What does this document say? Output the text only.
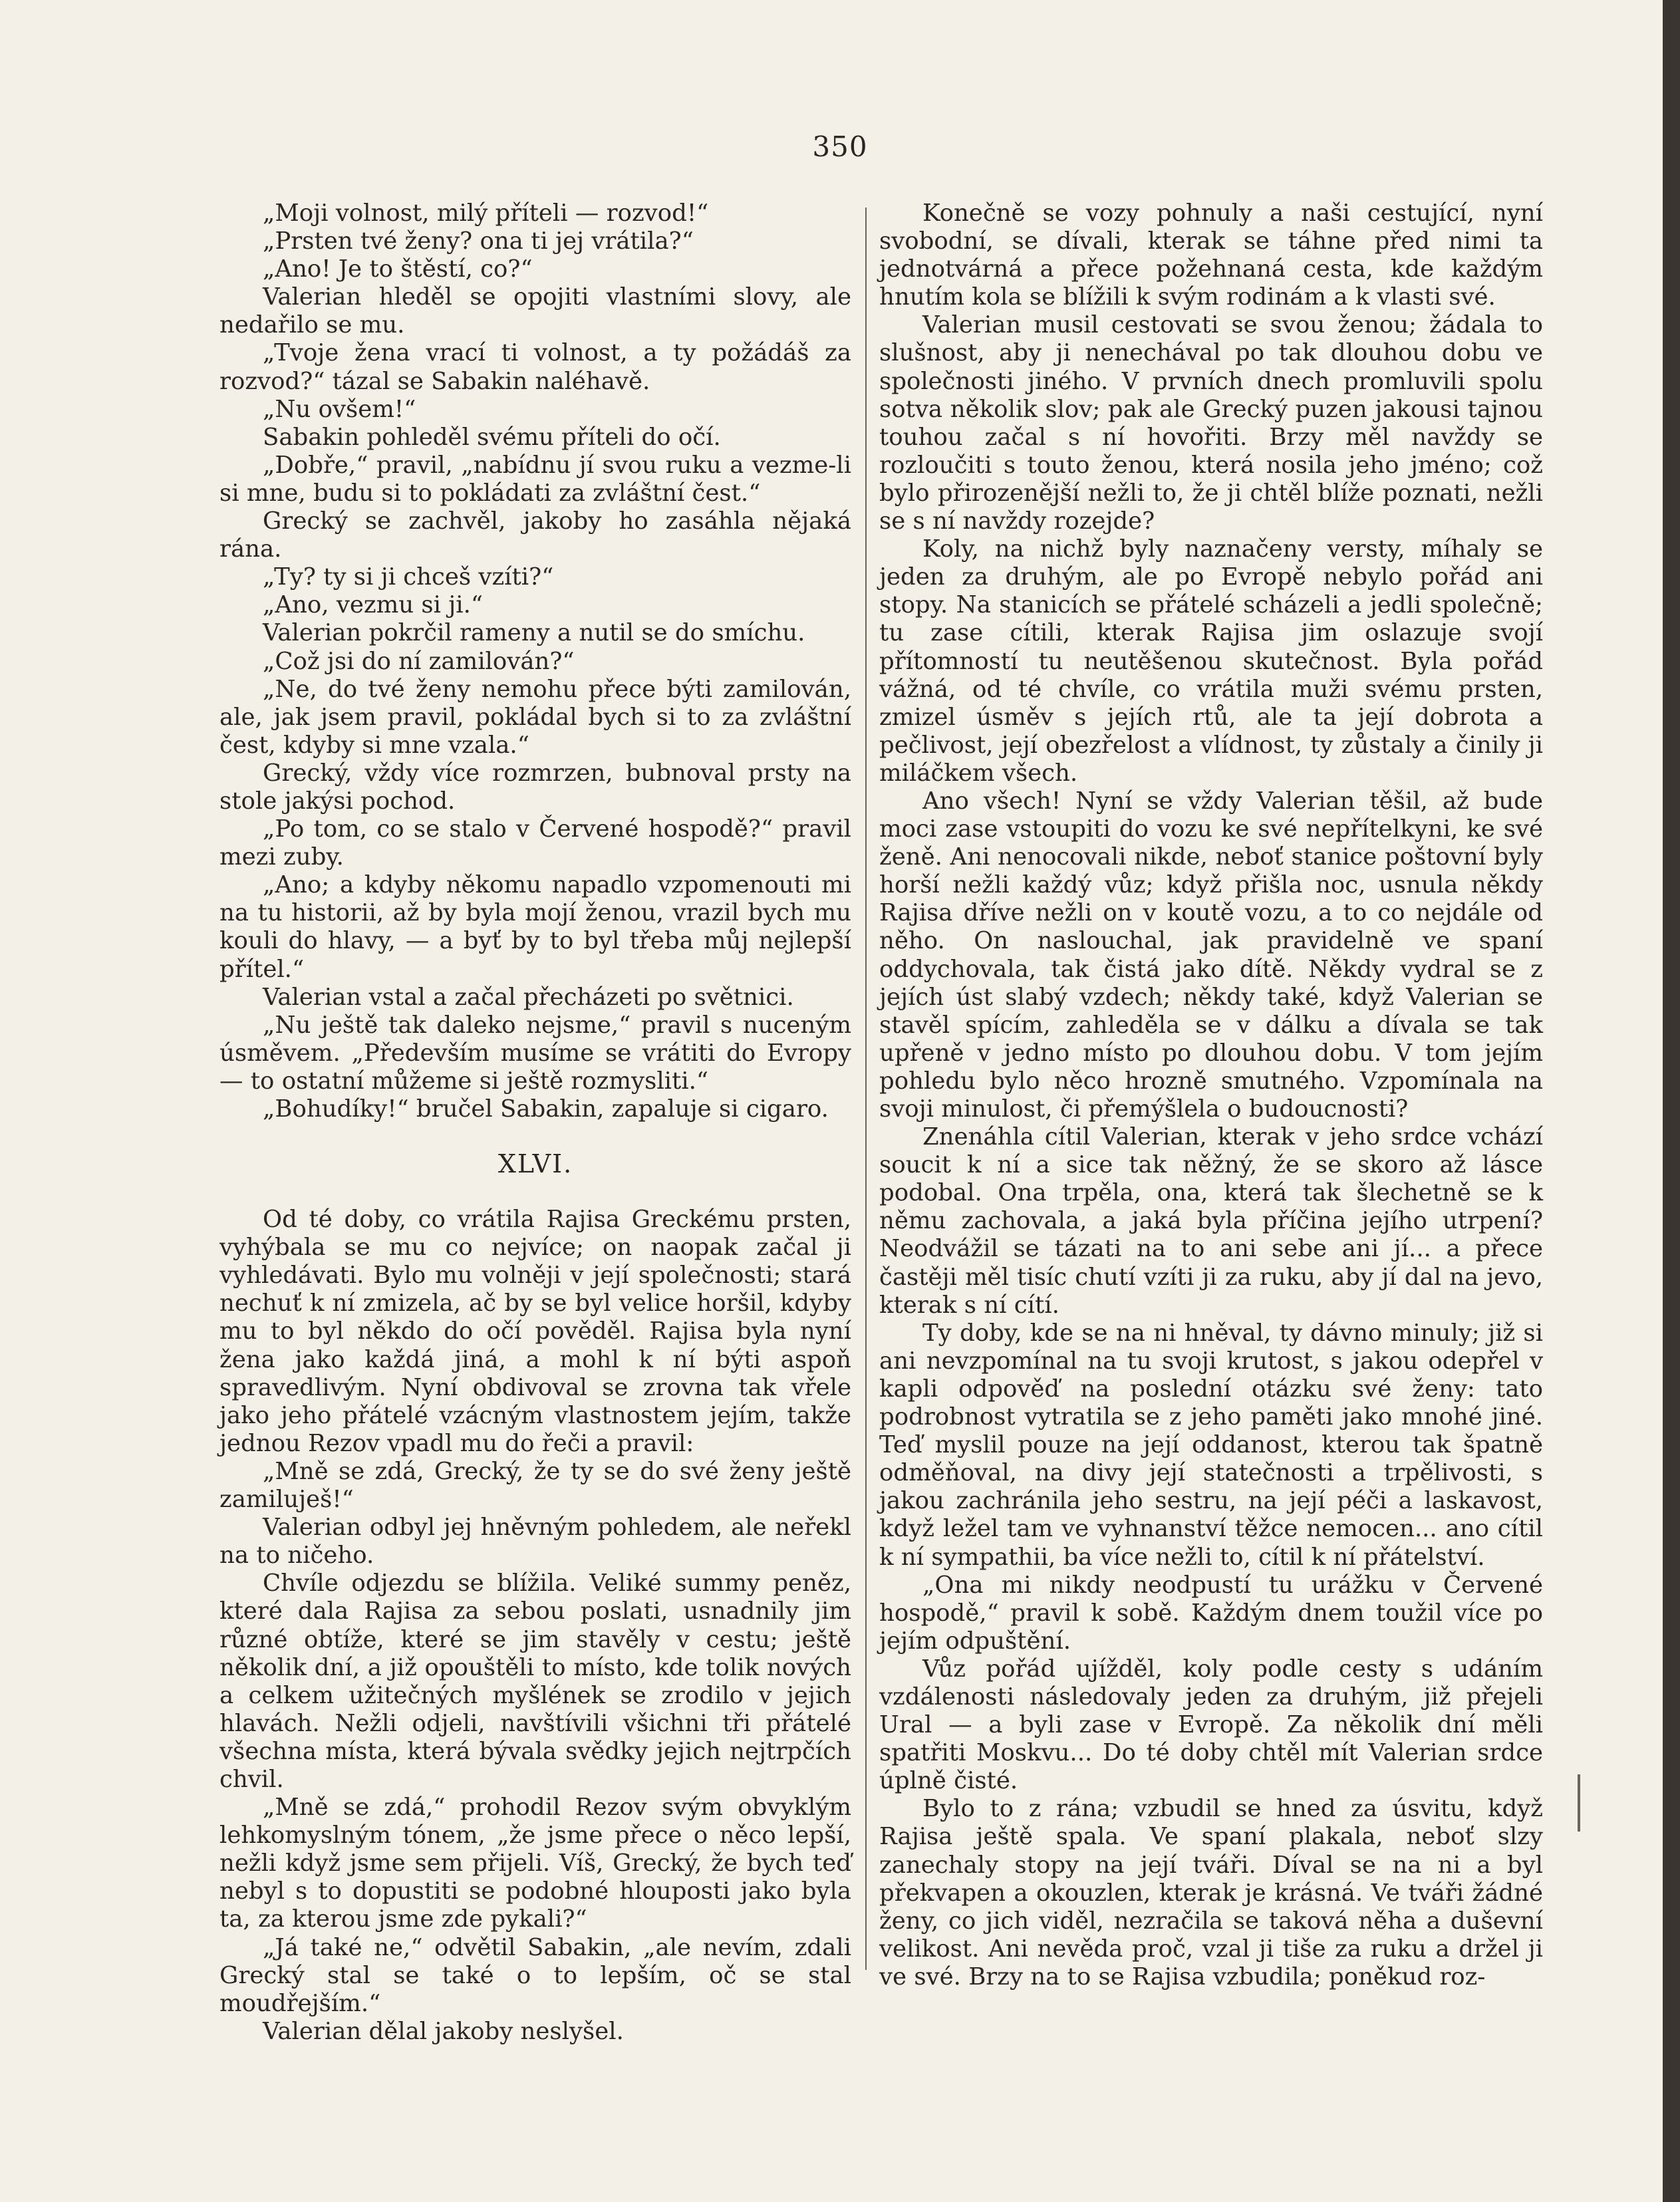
350

„Moji volnost, milý příteli — rozvod!“

„Prsten tvé ženy? ona ti jej vrátila?“

„Ano! Je to štěstí, co?“

Valerian hleděl se opojiti vlastními slovy, ale nedařilo se mu.

„Tvoje žena vrací ti volnost, a ty požádáš za rozvod?“ tázal se Sabakin naléhavě.

„Nu ovšem!“

Sabakin pohleděl svému příteli do očí.

„Dobře,“ pravil, „nabídnu jí svou ruku a vezme-li si mne, budu si to pokládati za zvláštní čest.“

Grecký se zachvěl, jakoby ho zasáhla nějaká rána.

„Ty? ty si ji chceš vzíti?“

„Ano, vezmu si ji.“

Valerian pokrčil rameny a nutil se do smíchu.

„Což jsi do ní zamilován?“

„Ne, do tvé ženy nemohu přece býti zamilován, ale, jak jsem pravil, pokládal bych si to za zvláštní čest, kdyby si mne vzala.“

Grecký, vždy více rozmrzen, bubnoval prsty na stole jakýsi pochod.

„Po tom, co se stalo v Červené hospodě?“ pravil mezi zuby.

„Ano; a kdyby někomu napadlo vzpomenouti mi na tu historii, až by byla mojí ženou, vrazil bych mu kouli do hlavy, — a byť by to byl třeba můj nejlepší přítel.“

Valerian vstal a začal přecházeti po světnici.

„Nu ještě tak daleko nejsme,“ pravil s nuceným úsměvem. „Především musíme se vrátiti do Evropy — to ostatní můžeme si ještě rozmysliti.“

„Bohudíky!“ bručel Sabakin, zapaluje si cigaro.

XLVI.

Od té doby, co vrátila Rajisa Greckému prsten, vyhýbala se mu co nejvíce; on naopak začal ji vyhledávati. Bylo mu volněji v její společnosti; stará nechuť k ní zmizela, ač by se byl velice horšil, kdyby mu to byl někdo do očí pověděl. Rajisa byla nyní žena jako každá jiná, a mohl k ní býti aspoň spravedlivým. Nyní obdivoval se zrovna tak vřele jako jeho přátelé vzácným vlastnostem jejím, takže jednou Rezov vpadl mu do řeči a pravil:

„Mně se zdá, Grecký, že ty se do své ženy ještě zamiluješ!“

Valerian odbyl jej hněvným pohledem, ale neřekl na to ničeho.

Chvíle odjezdu se blížila. Veliké summy peněz, které dala Rajisa za sebou poslati, usnadnily jim různé obtíže, které se jim stavěly v cestu; ještě několik dní, a již opouštěli to místo, kde tolik nových a celkem užitečných myšlének se zrodilo v jejich hlavách. Nežli odjeli, navštívili všichni tři přátelé všechna místa, která bývala svědky jejich nejtrpčích chvil.

„Mně se zdá,“ prohodil Rezov svým obvyklým lehkomyslným tónem, „že jsme přece o něco lepší, nežli když jsme sem přijeli. Víš, Grecký, že bych teď nebyl s to dopustiti se podobné hlouposti jako byla ta, za kterou jsme zde pykali?“

„Já také ne,“ odvětil Sabakin, „ale nevím, zdali Grecký stal se také o to lepším, oč se stal moudřejším.“

Valerian dělal jakoby neslyšel.

Konečně se vozy pohnuly a naši cestující, nyní svobodní, se dívali, kterak se táhne před nimi ta jednotvárná a přece požehnaná cesta, kde každým hnutím kola se blížili k svým rodinám a k vlasti své.

Valerian musil cestovati se svou ženou; žádala to slušnost, aby ji nenechával po tak dlouhou dobu ve společnosti jiného. V prvních dnech promluvili spolu sotva několik slov; pak ale Grecký puzen jakousi tajnou touhou začal s ní hovořiti. Brzy měl navždy se rozloučiti s touto ženou, která nosila jeho jméno; což bylo přirozenější nežli to, že ji chtěl blíže poznati, nežli se s ní navždy rozejde?

Koly, na nichž byly naznačeny versty, míhaly se jeden za druhým, ale po Evropě nebylo pořád ani stopy. Na stanicích se přátelé scházeli a jedli společně; tu zase cítili, kterak Rajisa jim oslazuje svojí přítomností tu neutěšenou skutečnost. Byla pořád vážná, od té chvíle, co vrátila muži svému prsten, zmizel úsměv s jejích rtů, ale ta její dobrota a pečlivost, její obezřelost a vlídnost, ty zůstaly a činily ji miláčkem všech.

Ano všech! Nyní se vždy Valerian těšil, až bude moci zase vstoupiti do vozu ke své nepřítelkyni, ke své ženě. Ani nenocovali nikde, neboť stanice poštovní byly horší nežli každý vůz; když přišla noc, usnula někdy Rajisa dříve nežli on v koutě vozu, a to co nejdále od něho. On naslouchal, jak pravidelně ve spaní oddychovala, tak čistá jako dítě. Někdy vydral se z jejích úst slabý vzdech; někdy také, když Valerian se stavěl spícím, zahleděla se v dálku a dívala se tak upřeně v jedno místo po dlouhou dobu. V tom jejím pohledu bylo něco hrozně smutného. Vzpomínala na svoji minulost, či přemýšlela o budoucnosti?

Znenáhla cítil Valerian, kterak v jeho srdce vchází soucit k ní a sice tak něžný, že se skoro až lásce podobal. Ona trpěla, ona, která tak šlechetně se k němu zachovala, a jaká byla příčina jejího utrpení? Neodvážil se tázati na to ani sebe ani jí... a přece častěji měl tisíc chutí vzíti ji za ruku, aby jí dal na jevo, kterak s ní cítí.

Ty doby, kde se na ni hněval, ty dávno minuly; již si ani nevzpomínal na tu svoji krutost, s jakou odepřel v kapli odpověď na poslední otázku své ženy: tato podrobnost vytratila se z jeho paměti jako mnohé jiné. Teď myslil pouze na její oddanost, kterou tak špatně odměňoval, na divy její statečnosti a trpělivosti, s jakou zachránila jeho sestru, na její péči a laskavost, když ležel tam ve vyhnanství těžce nemocen... ano cítil k ní sympathii, ba více nežli to, cítil k ní přátelství.

„Ona mi nikdy neodpustí tu urážku v Červené hospodě,“ pravil k sobě. Každým dnem toužil více po jejím odpuštění.

Vůz pořád ujížděl, koly podle cesty s udáním vzdálenosti následovaly jeden za druhým, již přejeli Ural — a byli zase v Evropě. Za několik dní měli spatřiti Moskvu... Do té doby chtěl mít Valerian srdce úplně čisté.

Bylo to z rána; vzbudil se hned za úsvitu, když Rajisa ještě spala. Ve spaní plakala, neboť slzy zanechaly stopy na její tváři. Díval se na ni a byl překvapen a okouzlen, kterak je krásná. Ve tváři žádné ženy, co jich viděl, nezračila se taková něha a duševní velikost. Ani nevěda proč, vzal ji tiše za ruku a držel ji ve své. Brzy na to se Rajisa vzbudila; poněkud roz-
